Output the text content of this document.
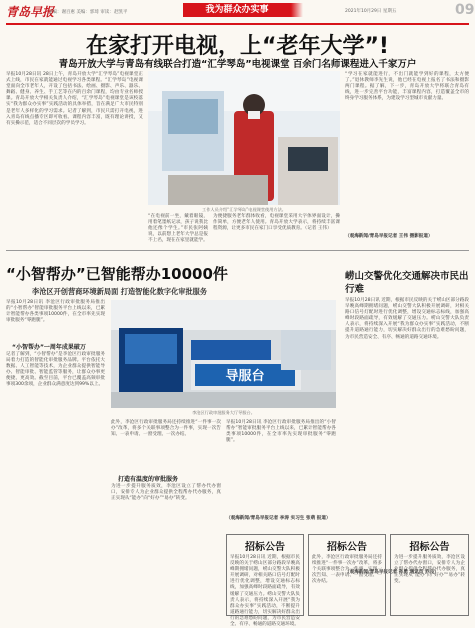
青岛早报
主编：谢百惠 美编：郭琦 审读：赵凯平	我为群众办实事	2021年10月29日 星期五	09
在家打开电视，上“老年大学”!
青岛开放大学与青岛有线联合打造“汇学琴岛”电视课堂 百余门名师课程进入千家万户
早报10月28日讯 28日上午，青岛开放大学“汇学琴岛”电视课堂正式上线，市民在家就能通过电视学习各类课程。“汇学琴岛”电视课堂面向全市老年人，开设了包括书法、绘画、摄影、声乐、器乐、舞蹈、健身、养生、手工艺等在内的百余门课程，均由专业名师授课。青岛开放大学相关负责人介绍，“汇学琴岛”电视课堂是该校落实“我为群众办实事”实践活动的具体举措，旨在满足广大市民特别是老年人多样化的学习需求。记者了解到，市民只需打开电视，进入青岛有线点播专区即可收看。课程内容丰富，既有理论讲授，又有实操示范，适合不同层次的学员学习。
工作人员介绍“汇学琴岛”电视课堂使用方法。
“在电视前一坐，戴着眼镜，用着笔墨纸记录，孩子说我比他还像个学生。”市民张阿姨说，以前想上老年大学总是报不上名，现在在家里就能学。
为便捷服务老年群体收看，电视课堂采用大字体界面设计，操作简单，方便老年人使用。青岛开放大学表示，将持续丰富课程资源，让更多市民在家门口享受优质教育。（记者 王伟）
“学习在家就能进行，不出门就能学到好的课程，太方便了。”退休教师李先生说，他已经在电视上报名了书法和摄影两门课程。据了解，下一步，青岛开放大学将联合青岛有线，进一步完善平台功能，丰富课程内容，打造覆盖全市的终身学习服务体系，为建设学习型城市贡献力量。
（观海新闻/青岛早报记者 王伟 摄影报道）
“小智帮办”已智能帮办10000件
李沧区开创营商环境新局面 打造智能化数字化审批服务
早报10月28日讯 李沧区行政审批服务局推出的“小智帮办”智能审批服务平台上线以来，已累计智能帮办各类事项10000件，在全市率先实现审批服务“零跑腿”。
“小智帮办”一周年成果破万
记者了解到，“小智帮办”是李沧区行政审批服务局着力打造的智能化审批服务品牌。平台依托大数据、人工智能等技术，为企业群众提供智能导办、智能审批、智能监管等服务，让群众办事更便捷、更高效。截至目前，平台已覆盖高频审批事项300余项，企业群众满意度达到99%以上。
导服台
李沧区行政审批服务大厅导服台。
此外，李沧区行政审批服务局还持续推进“一件事一次办”改革，将多个关联事项整合为一件事，实现一次告知、一表申请、一窗受理、一次办结。
打造有温度的审批服务
为进一步提升服务质效，李沧区设立了帮办代办窗口，安排专人为企业群众提供全程帮办代办服务，真正实现从“能办”向“好办”“易办”转变。
早报10月28日讯 李沧区行政审批服务局推出的“小智帮办”智能审批服务平台上线以来，已累计智能帮办各类事项10000件，在全市率先实现审批服务“零跑腿”。
（观海新闻/青岛早报记者 李涛 实习生 张萌 报道）
崂山交警优化交通解决市民出行难
早报10月28日讯 近期，根据市民反映的关于崂山区部分路段早晚高峰期拥堵问题，崂山交警大队积极开展调研，对相关路口信号灯配时进行优化调整，增设交通标志标线，加强高峰时段路面疏导，有效缓解了交通压力。崂山交警大队负责人表示，将持续深入开展“我为群众办实事”实践活动，不断提升道路通行能力，切实解决好群众出行的急难愁盼问题，为市民营造安全、有序、畅通的道路交通环境。
（观海新闻/青岛早报记者 孙勇 通讯员 乔良）
招标公告
早报10月28日讯 近期，根据市民反映的关于崂山区部分路段早晚高峰期拥堵问题，崂山交警大队积极开展调研，对相关路口信号灯配时进行优化调整，增设交通标志标线，加强高峰时段路面疏导，有效缓解了交通压力。崂山交警大队负责人表示，将持续深入开展“我为群众办实事”实践活动，不断提升道路通行能力，切实解决好群众出行的急难愁盼问题，为市民营造安全、有序、畅通的道路交通环境。
招标公告
此外，李沧区行政审批服务局还持续推进“一件事一次办”改革，将多个关联事项整合为一件事，实现一次告知、一表申请、一窗受理、一次办结。
招标公告
为进一步提升服务质效，李沧区设立了帮办代办窗口，安排专人为企业群众提供全程帮办代办服务，真正实现从“能办”向“好办”“易办”转变。
